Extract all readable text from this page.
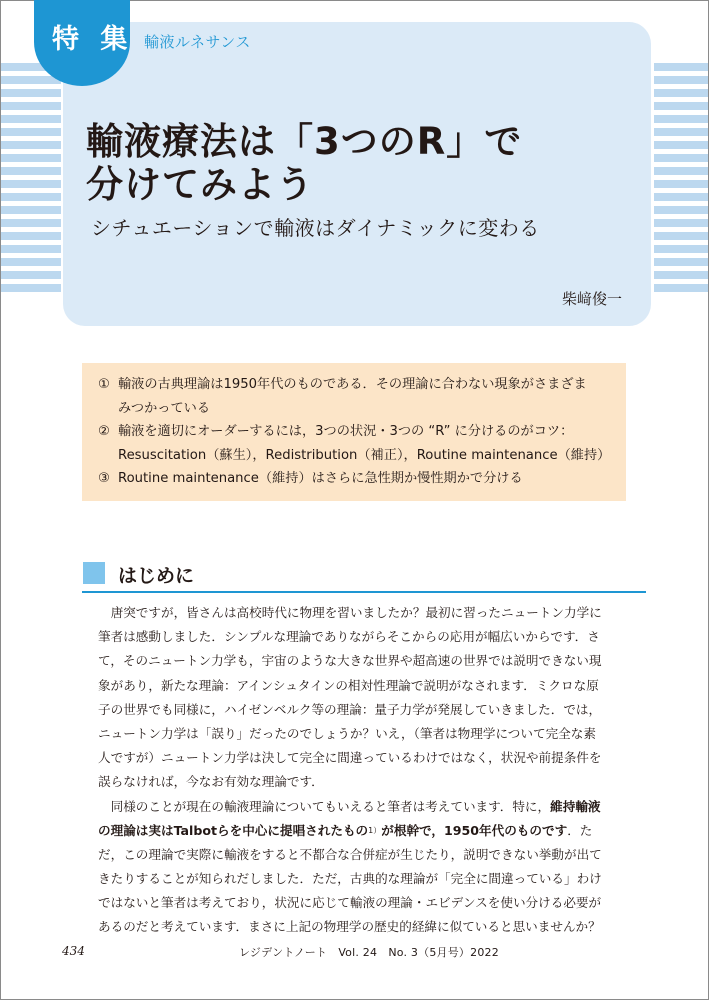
特 集 輸液ルネサンス
輸液療法は「3つのR」で
分けてみよう
シチュエーションで輸液はダイナミックに変わる
柴﨑俊一
① 輸液の古典理論は1950年代のものである．その理論に合わない現象がさまざま
みつかっている
② 輸液を適切にオーダーするには，3つの状況・3つの “R” に分けるのがコツ：
Resuscitation（蘇生），Redistribution（補正），Routine maintenance（維持）
③ Routine maintenance（維持）はさらに急性期か慢性期かで分ける
はじめに
　唐突ですが，皆さんは高校時代に物理を習いましたか？最初に習ったニュートン力学に
筆者は感動しました．シンプルな理論でありながらそこからの応用が幅広いからです．さ
て，そのニュートン力学も，宇宙のような大きな世界や超高速の世界では説明できない現
象があり，新たな理論：アインシュタインの相対性理論で説明がなされます．ミクロな原
子の世界でも同様に，ハイゼンベルク等の理論：量子力学が発展していきました．では，
ニュートン力学は「誤り」だったのでしょうか？いえ，（筆者は物理学について完全な素
人ですが）ニュートン力学は決して完全に間違っているわけではなく，状況や前提条件を
誤らなければ，今なお有効な理論です．
　同様のことが現在の輸液理論についてもいえると筆者は考えています．特に， 維持輸液
の理論は実はTalbotらを中心に提唱されたもの 1） が根幹で，1950年代のものです ．た
だ，この理論で実際に輸液をすると不都合な合併症が生じたり，説明できない挙動が出て
きたりすることが知られだしました．ただ，古典的な理論が「完全に間違っている」わけ
ではないと筆者は考えており，状況に応じて輸液の理論・エビデンスを使い分ける必要が
あるのだと考えています．まさに上記の物理学の歴史的経緯に似ていると思いませんか？
434	レジデントノート　Vol. 24　No. 3（5月号）2022
